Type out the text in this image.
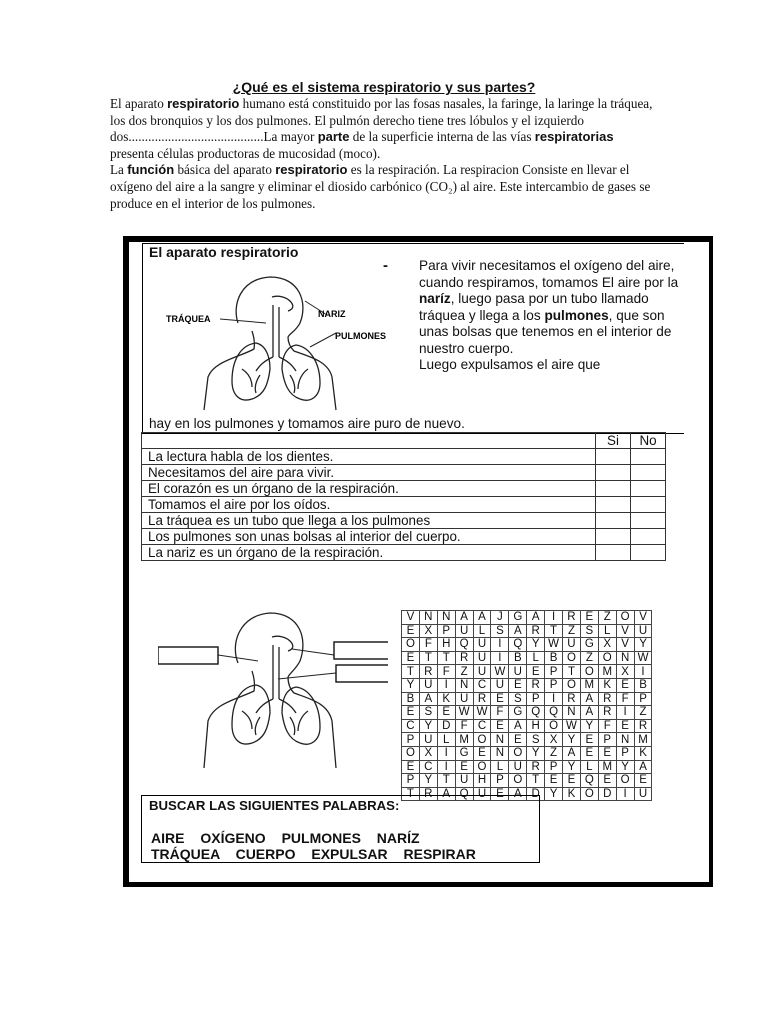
¿Qué es el sistema respiratorio y sus partes?
El aparato respiratorio humano está constituido por las fosas nasales, la faringe, la laringe la tráquea, los dos bronquios y los dos pulmones. El pulmón derecho tiene tres lóbulos y el izquierdo dos.........................................La mayor parte de la superficie interna de las vías respiratorias presenta células productoras de mucosidad (moco).
La función básica del aparato respiratorio es la respiración. La respiracion Consiste en llevar el oxígeno del aire a la sangre y eliminar el diosido carbónico (CO₂) al aire. Este intercambio de gases se produce en el interior de los pulmones.
El aparato respiratorio
- Para vivir necesitamos el oxígeno del aire, cuando respiramos, tomamos El aire por la naríz, luego pasa por un tubo llamado tráquea y llega a los pulmones, que son unas bolsas que tenemos en el interior de nuestro cuerpo.
Luego expulsamos el aire que
hay en los pulmones y tomamos aire puro de nuevo.
TRÁQUEA	NARIZ
PULMONES
	Si	No
La lectura habla de los dientes.		
Necesitamos del aire para vivir.		
El corazón es un órgano de la respiración.		
Tomamos el aire por los oídos.		
La tráquea es un tubo que llega a los pulmones		
Los pulmones son unas bolsas al interior del cuerpo.		
La nariz es un órgano de la respiración.		
V	N	N	A	A	J	G	A	I	R	E	Z	O	V
E	X	P	U	L	S	A	R	T	Z	S	L	V	U
O	F	H	Q	U	I	Q	Y	W	U	G	X	V	Y
E	T	T	R	U	I	B	L	B	O	Z	O	N	W
T	R	F	Z	U	W	U	E	P	T	O	M	X	I
Y	U	I	N	C	U	E	R	P	O	M	K	E	B
B	A	K	U	R	E	S	P	I	R	A	R	F	P
E	S	E	W	W	F	G	Q	Q	N	A	R	I	Z
C	Y	D	F	C	E	A	H	O	W	Y	F	E	R
P	U	L	M	O	N	E	S	X	Y	E	P	N	M
O	X	I	G	E	N	O	Y	Z	A	E	E	P	K
E	C	I	E	O	L	U	R	P	Y	L	M	Y	A
P	Y	T	U	H	P	O	T	E	E	Q	E	O	E
T	R	A	Q	U	E	A	D	Y	K	O	D	I	U
BUSCAR LAS SIGUIENTES PALABRAS:
AIRE OXÍGENO PULMONES NARÍZ
TRÁQUEA CUERPO EXPULSAR RESPIRAR
